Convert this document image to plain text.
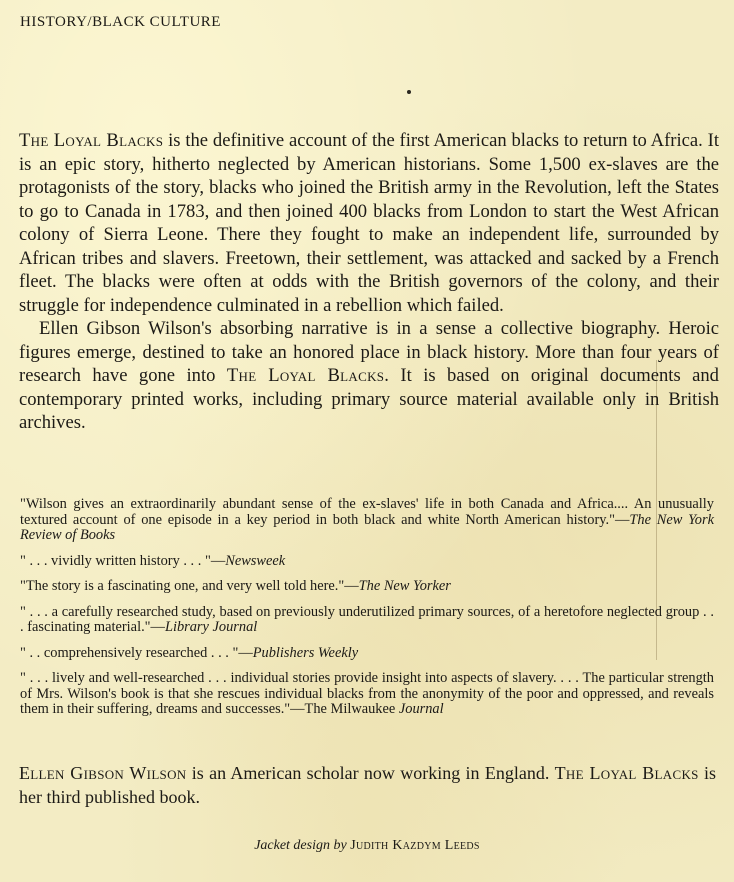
HISTORY/BLACK CULTURE

The Loyal Blacks is the definitive account of the first American blacks to return to Africa. It is an epic story, hitherto neglected by American historians. Some 1,500 ex-slaves are the protagonists of the story, blacks who joined the British army in the Revolution, left the States to go to Canada in 1783, and then joined 400 blacks from London to start the West African colony of Sierra Leone. There they fought to make an independent life, surrounded by African tribes and slavers. Freetown, their settlement, was attacked and sacked by a French fleet. The blacks were often at odds with the British governors of the colony, and their struggle for independence culminated in a rebellion which failed.

Ellen Gibson Wilson's absorbing narrative is in a sense a collective biography. Heroic figures emerge, destined to take an honored place in black history. More than four years of research have gone into The Loyal Blacks. It is based on original documents and contemporary printed works, including primary source material available only in British archives.

"Wilson gives an extraordinarily abundant sense of the ex-slaves' life in both Canada and Africa.... An unusually textured account of one episode in a key period in both black and white North American history."—The New York Review of Books

" . . . vividly written history . . . "—Newsweek

"The story is a fascinating one, and very well told here."—The New Yorker

" . . . a carefully researched study, based on previously underutilized primary sources, of a heretofore neglected group . . . fascinating material."—Library Journal

" . . comprehensively researched . . . "—Publishers Weekly

" . . . lively and well-researched . . . individual stories provide insight into aspects of slavery. . . . The particular strength of Mrs. Wilson's book is that she rescues individual blacks from the anonymity of the poor and oppressed, and reveals them in their suffering, dreams and successes."—The Milwaukee Journal

Ellen Gibson Wilson is an American scholar now working in England. The Loyal Blacks is her third published book.
Jacket design by Judith Kazdym Leeds
